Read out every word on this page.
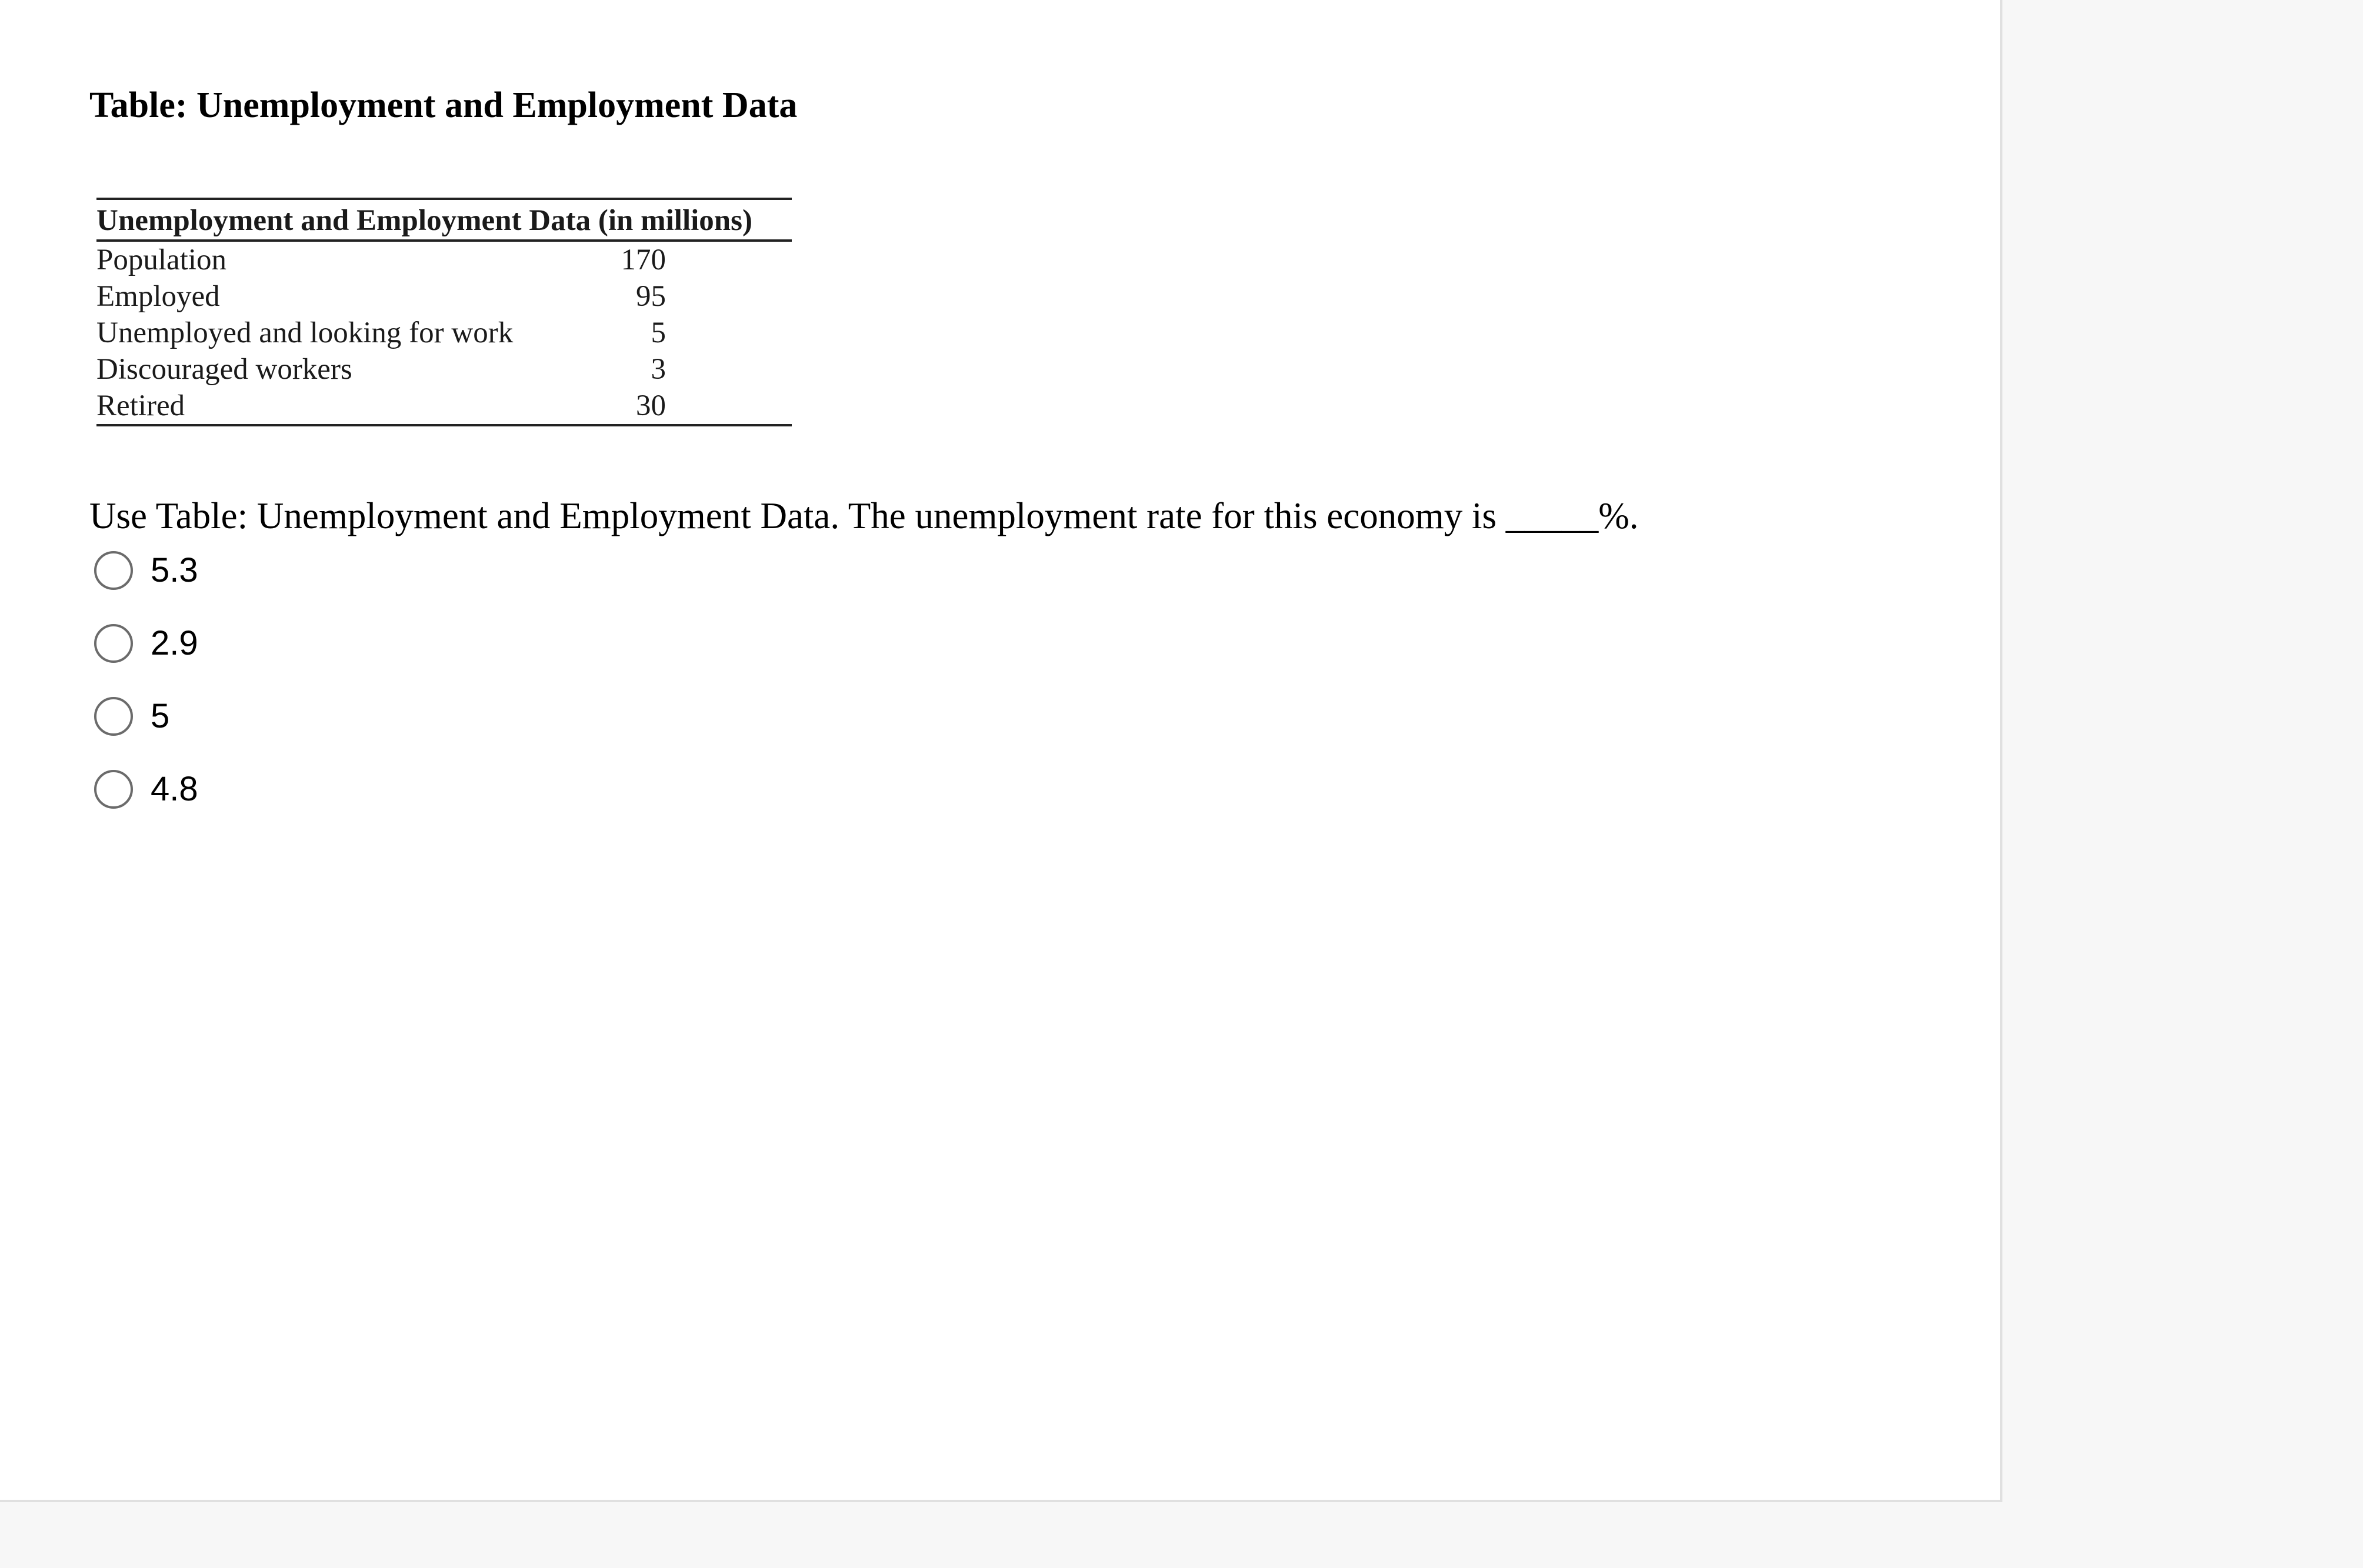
Table: Unemployment and Employment Data
Unemployment and Employment Data (in millions)	
Population	170
Employed	95
Unemployed and looking for work	5
Discouraged workers	3
Retired	30
Use Table: Unemployment and Employment Data. The unemployment rate for this economy is _____%.
5.3
2.9
5
4.8
